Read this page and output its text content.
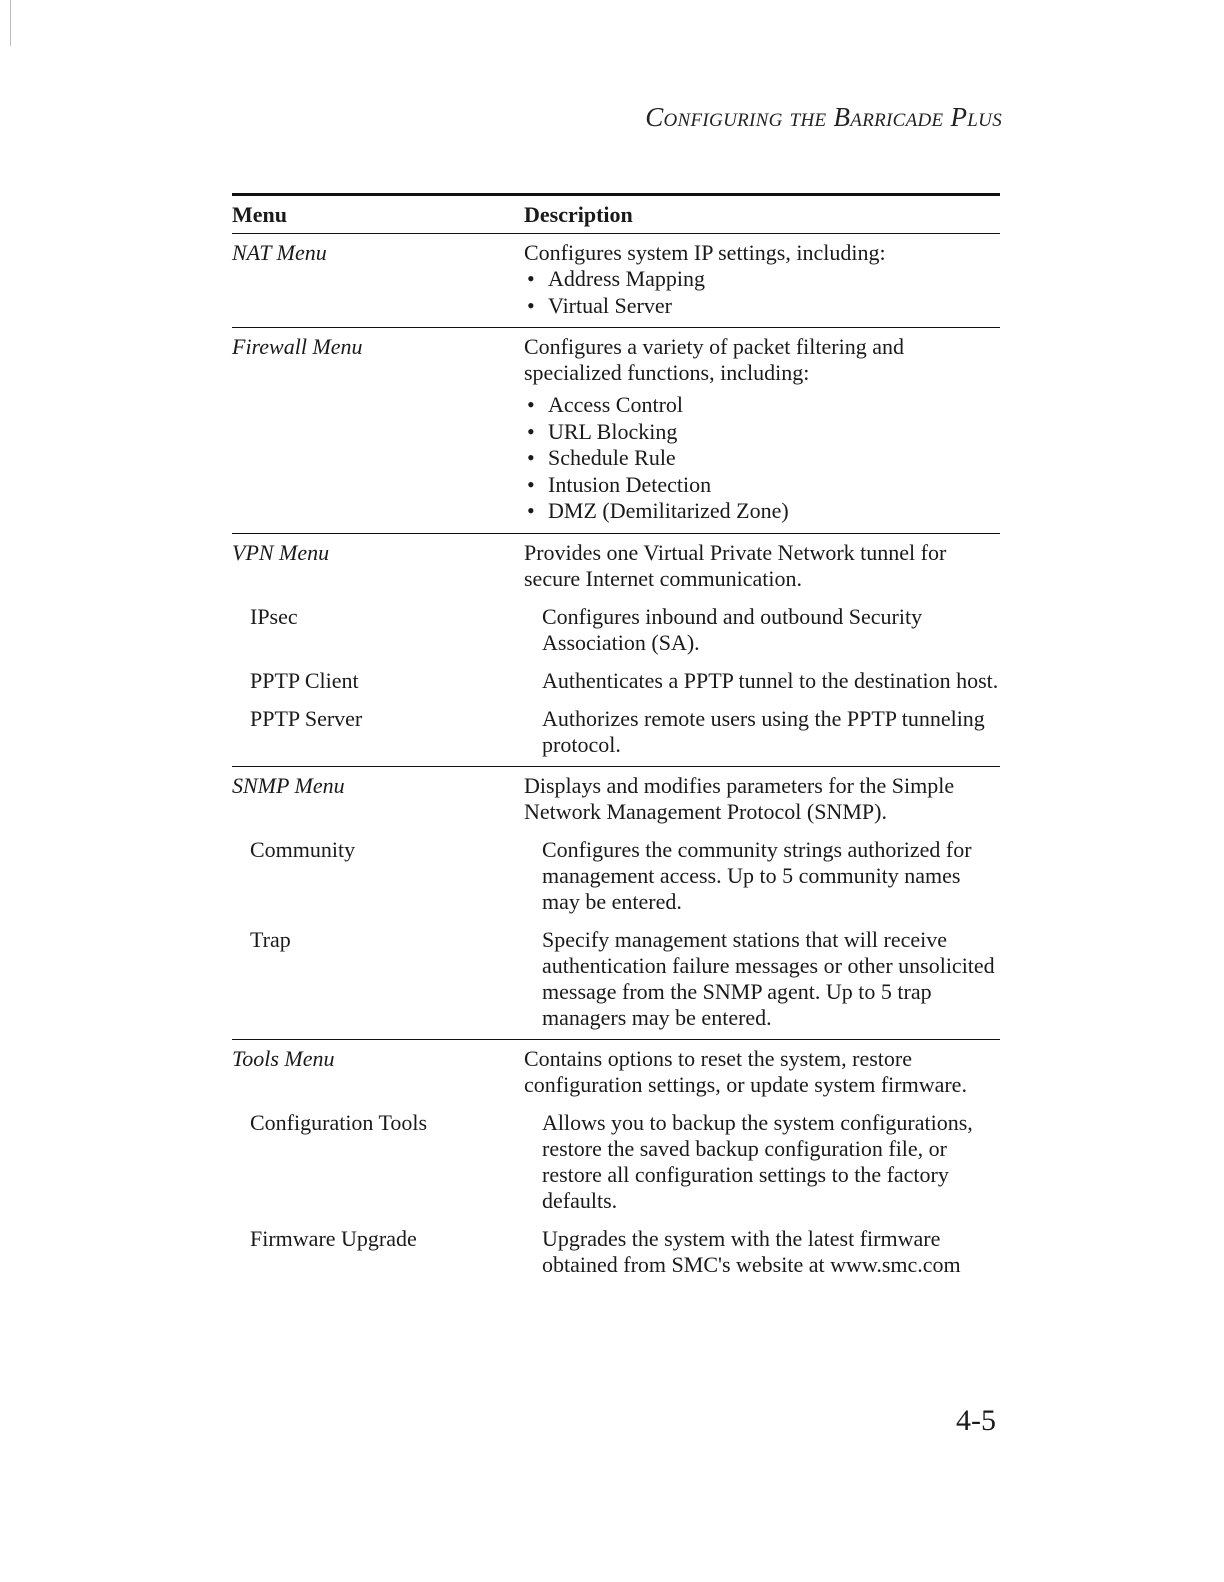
Configuring the Barricade Plus
Menu	Description
NAT Menu	Configures system IP settings, including:
• Address Mapping
• Virtual Server
Firewall Menu	Configures a variety of packet filtering and specialized functions, including:
• Access Control
• URL Blocking
• Schedule Rule
• Intusion Detection
• DMZ (Demilitarized Zone)
VPN Menu	Provides one Virtual Private Network tunnel for secure Internet communication.
IPsec	Configures inbound and outbound Security Association (SA).
PPTP Client	Authenticates a PPTP tunnel to the destination host.
PPTP Server	Authorizes remote users using the PPTP tunneling protocol.
SNMP Menu	Displays and modifies parameters for the Simple Network Management Protocol (SNMP).
Community	Configures the community strings authorized for management access. Up to 5 community names may be entered.
Trap	Specify management stations that will receive authentication failure messages or other unsolicited message from the SNMP agent. Up to 5 trap managers may be entered.
Tools Menu	Contains options to reset the system, restore configuration settings, or update system firmware.
Configuration Tools	Allows you to backup the system configurations, restore the saved backup configuration file, or restore all configuration settings to the factory defaults.
Firmware Upgrade	Upgrades the system with the latest firmware obtained from SMC's website at www.smc.com
4-5
